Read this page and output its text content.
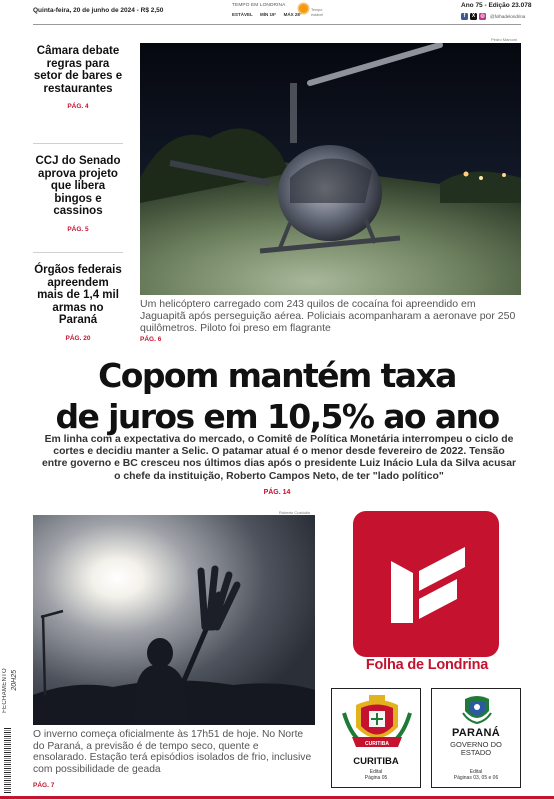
Quinta-feira, 20 de junho de 2024 - R$ 2,50
TEMPO EM LONDRINA
ESTÁVEL MÍN 19° MÁX 28°
Tempo estável
Ano 75 - Edição 23.078
f	X	◎ @folhadelondrina
Câmara debate regras para setor de bares e restaurantes
PÁG. 4
CCJ do Senado aprova projeto que libera bingos e cassinos
PÁG. 5
Órgãos federais apreendem mais de 1,4 mil armas no Paraná
PÁG. 20
Pedro Marconi
Um helicóptero carregado com 243 quilos de cocaína foi apreendido em Jaguapitã após perseguição aérea. Policiais acompanharam a aeronave por 250 quilômetros. Piloto foi preso em flagrante
PÁG. 6
Copom mantém taxa
de juros em 10,5% ao ano
Em linha com a expectativa do mercado, o Comitê de Política Monetária interrompeu o ciclo de cortes e decidiu manter a Selic. O patamar atual é o menor desde fevereiro de 2022. Tensão entre governo e BC cresceu nos últimos dias após o presidente Luiz Inácio Lula da Silva acusar o chefe da instituição, Roberto Campos Neto, de ter "lado político"
PÁG. 14
Roberto Custódio
O inverno começa oficialmente às 17h51 de hoje. No Norte do Paraná, a previsão é de tempo seco, quente e ensolarado. Estação terá episódios isolados de frio, inclusive com possibilidade de geada
PÁG. 7
FECHAMENTO 20H25
Folha de Londrina
CURITIBA
CURITIBA
Edital
Página 05
PARANÁ
GOVERNO DO ESTADO
Edital
Páginas 03, 05 e 06
